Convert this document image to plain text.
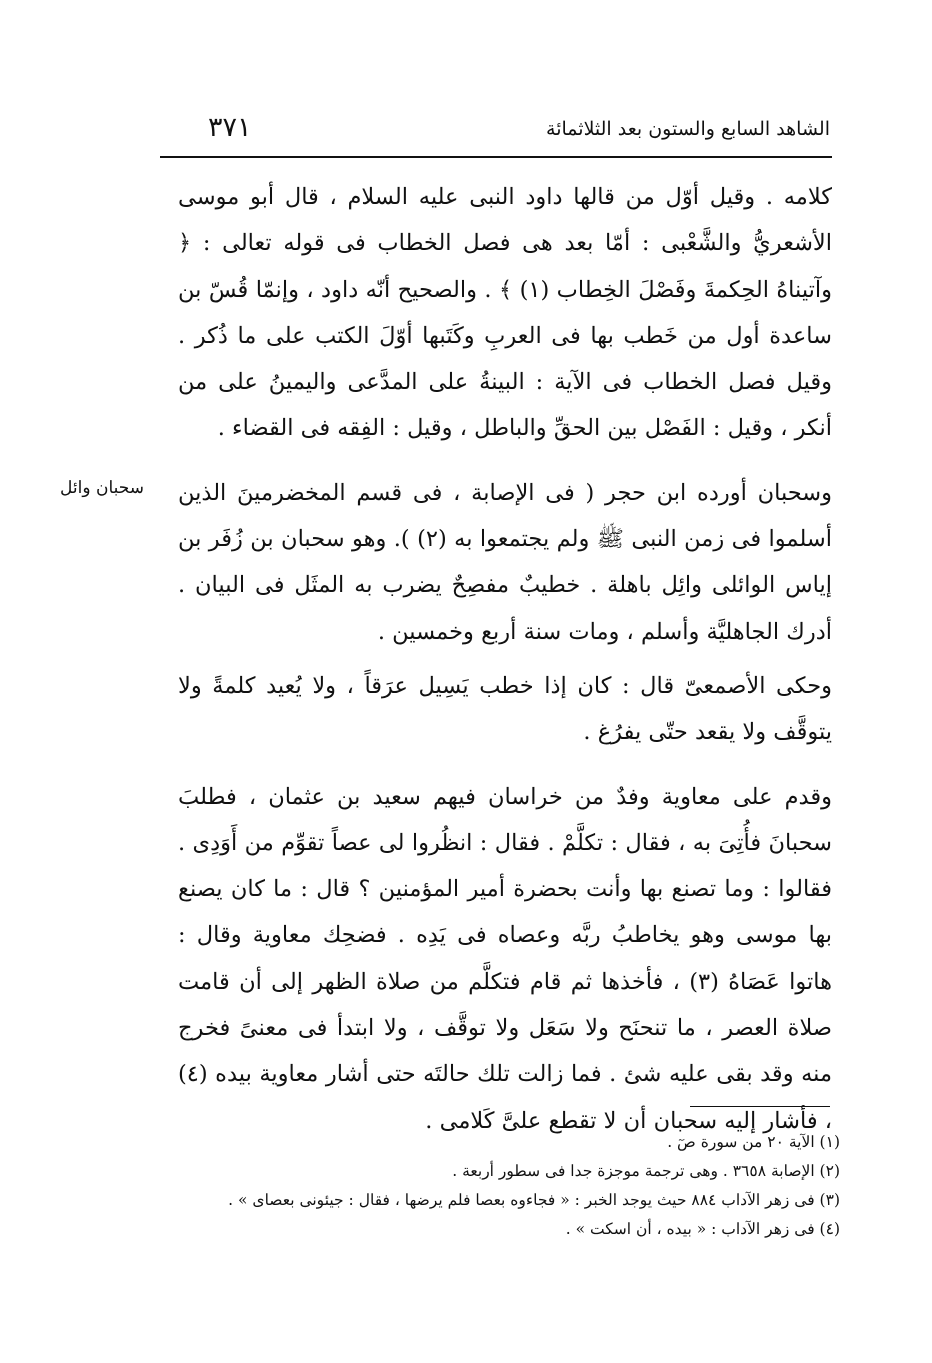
الشاهد السابع والستون بعد الثلاثمائة
٣٧١
سحبان وائل

كلامه . وقيل أوّل من قالها داود النبى عليه السلام ، قال أبو موسى الأشعريُّ والشَّعْبى : أمّا بعد هى فصل الخطاب فى قوله تعالى : ﴿ وآتيناهُ الحِكمةَ وفَصْلَ الخِطاب (١) ﴾ . والصحيح أنّه داود ، وإنمّا قُسّ بن ساعدة أول من خَطب بها فى العربِ وكَتَبها أوّلَ الكتب على ما ذُكر . وقيل فصل الخطاب فى الآية : البينةُ على المدَّعى واليمينُ على من أنكر ، وقيل : الفَصْل بين الحقِّ والباطل ، وقيل : الفِقه فى القضاء .

وسحبان أورده ابن حجر ( فى الإصابة ، فى قسم المخضرمينَ الذين أسلموا فى زمن النبى ﷺ ولم يجتمعوا به (٢) ). وهو سحبان بن زُفَر بن إياس الوائلى وائِل باهلة . خطيبٌ مفصِحٌ يضرب به المثَل فى البيان . أدرك الجاهليَّة وأسلم ، ومات سنة أربع وخمسين .

وحكى الأصمعىّ قال : كان إذا خطب يَسِيل عرَقاً ، ولا يُعيد كلمةً ولا يتوقَّف ولا يقعد حتّى يفرُغ .

وقدم على معاوية وفدٌ من خراسان فيهم سعيد بن عثمان ، فطلبَ سحبانَ فأُتِىَ به ، فقال : تكلَّمْ . فقال : انظُروا لى عصاً تقوِّم من أَوَدِى . فقالوا : وما تصنع بها وأنت بحضرة أمير المؤمنين ؟ قال : ما كان يصنع بها موسى وهو يخاطبُ ربَّه وعصاه فى يَدِه . فضحِك معاوية وقال : هاتوا عَصَاهُ (٣) ، فأخذها ثم قام فتكلَّم من صلاة الظهر إلى أن قامت صلاة العصر ، ما تنحنَح ولا سَعَل ولا توقَّف ، ولا ابتدأ فى معنىً فخرج منه وقد بقى عليه شئ . فما زالت تلك حالتَه حتى أشار معاوية بيده (٤) ، فأشار إليه سحبان أن لا تقطع علىَّ كَلامى .

(١) الآية ٢٠ من سورة صٓ .
(٢) الإصابة ٣٦٥٨ . وهى ترجمة موجزة جدا فى سطور أربعة .
(٣) فى زهر الآداب ٨٨٤ حيث يوجد الخبر : « فجاءوه بعصا فلم يرضها ، فقال : جيئونى بعصاى » .
(٤) فى زهر الآداب : « بيده ، أن اسكت » .
